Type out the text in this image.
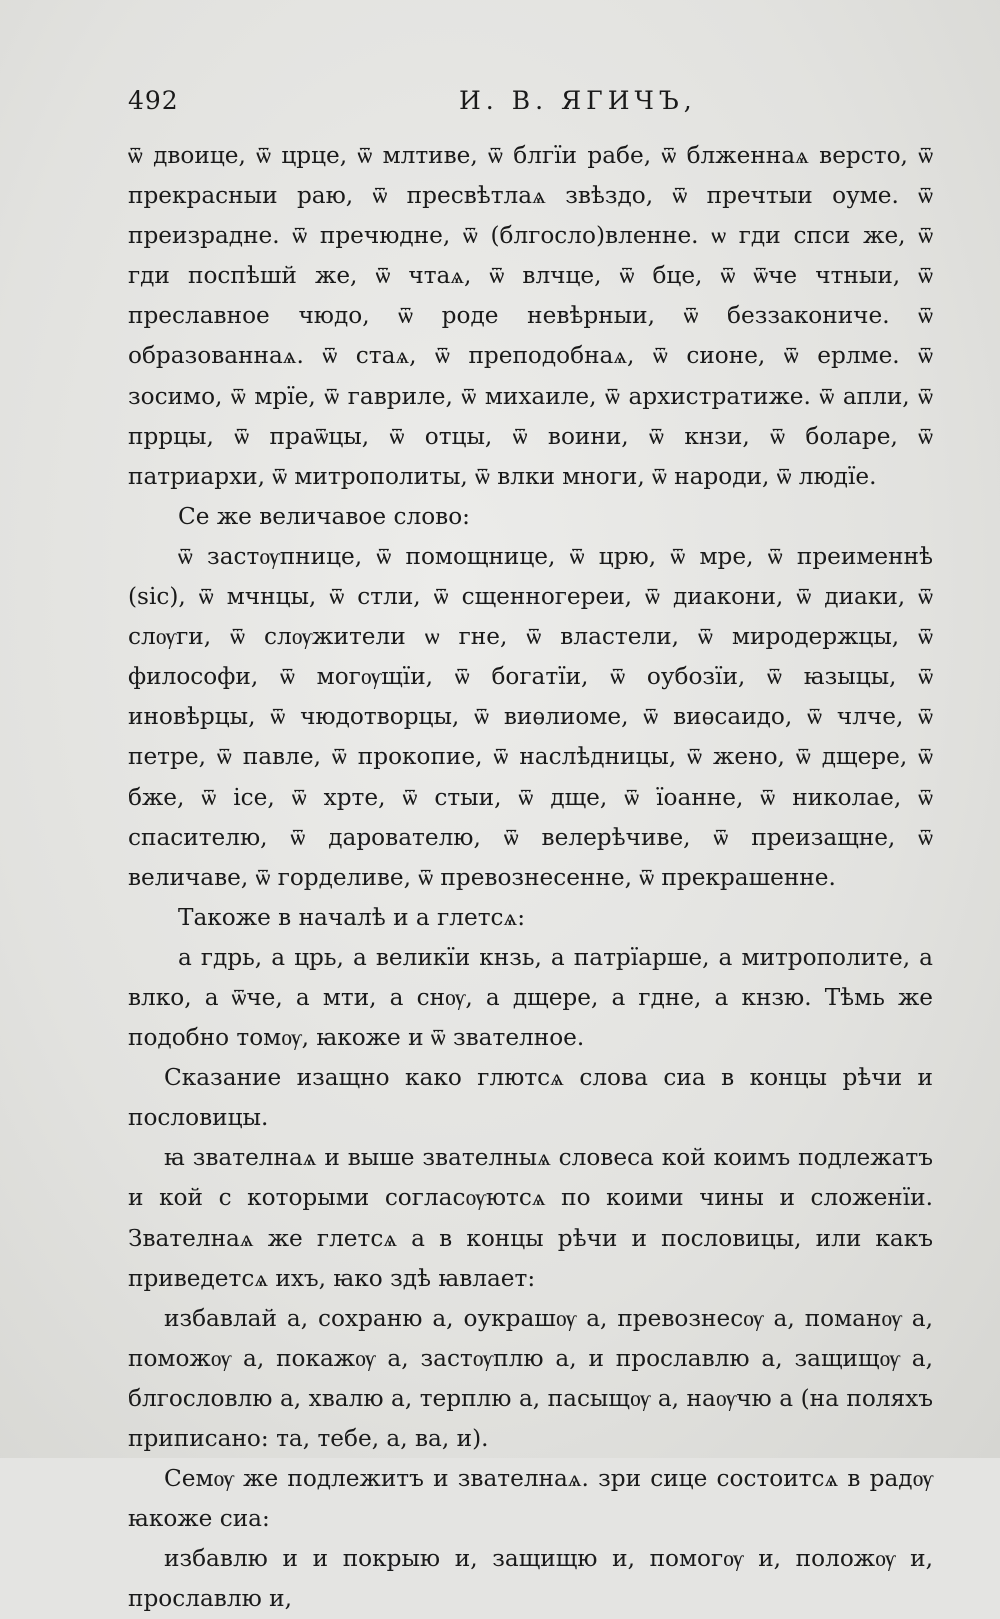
492	И. В. ЯГИЧЪ,

ѿ двоице, ѿ црце, ѿ млтиве, ѿ блгїи рабе, ѿ блженнаѧ версто, ѿ прекрасныи раю, ѿ пресвѣтлаѧ звѣздо, ѿ пречтыи оуме. ѿ преизрадне. ѿ пречюдне, ѿ (блгосло)вленне. ѡ гди спси же, ѿ гди поспѣшй же, ѿ чтаѧ, ѿ влчце, ѿ бце, ѿ ѿче чтныи, ѿ преславное чюдо, ѿ роде невѣрныи, ѿ беззакониче. ѿ образованнаѧ. ѿ стаѧ, ѿ преподобнаѧ, ѿ сионе, ѿ ерлме. ѿ зосимо, ѿ мрїе, ѿ гавриле, ѿ михаиле, ѿ архистратиже. ѿ апли, ѿ пррцы, ѿ праѿцы, ѿ отцы, ѿ воини, ѿ кнзи, ѿ боларе, ѿ патриархи, ѿ митрополиты, ѿ влки многи, ѿ народи, ѿ людїе.

Се же величавое слово:

ѿ застѹпнице, ѿ помощнице, ѿ црю, ѿ мре, ѿ преименнѣ (sic), ѿ мчнцы, ѿ стли, ѿ сщенногереи, ѿ диакони, ѿ диаки, ѿ слѹги, ѿ слѹжители ѡ гне, ѿ властели, ѿ миродержцы, ѿ философи, ѿ могѹщїи, ѿ богатїи, ѿ оубозїи, ѿ ꙗзыцы, ѿ иновѣрцы, ѿ чюдотворцы, ѿ виѳлиоме, ѿ виѳсаидо, ѿ члче, ѿ петре, ѿ павле, ѿ прокопие, ѿ наслѣдницы, ѿ жено, ѿ дщере, ѿ бже, ѿ ісе, ѿ хрте, ѿ стыи, ѿ дще, ѿ ïоанне, ѿ николае, ѿ спасителю, ѿ дарователю, ѿ велерѣчиве, ѿ преизащне, ѿ величаве, ѿ горделиве, ѿ превознесенне, ѿ прекрашенне.

Такоже в началѣ и а глетсѧ:

а гдрь, а црь, а великїи кнзь, а патрїарше, а митрополите, а влко, а ѿче, а мти, а снѹ, а дщере, а гдне, а кнзю. Тѣмь же подобно томѹ, ꙗкоже и ѿ звателное.

Сказание изащно како глютсѧ слова сиа в концы рѣчи и пословицы.

ꙗ звателнаѧ и выше звателныѧ словеса кой коимъ подлежатъ и кой с которыми согласѹютсѧ по коими чины и сложенїи. Звателнаѧ же глетсѧ а в концы рѣчи и пословицы, или какъ приведетсѧ ихъ, ꙗко здѣ ꙗвлает:

избавлай а, сохраню а, оукрашѹ а, превознесѹ а, поманѹ а, поможѹ а, покажѹ а, застѹплю а, и прославлю а, защищѹ а, блгословлю а, хвалю а, терплю а, пасыщѹ а, наѹчю а (на поляхъ приписано: та, тебе, а, ва, и).

Семѹ же подлежитъ и звателнаѧ. зри сице состоитсѧ в радѹ ꙗкоже сиа:

избавлю и и покрыю и, защищю и, помогѹ и, положѹ и, прославлю и,
